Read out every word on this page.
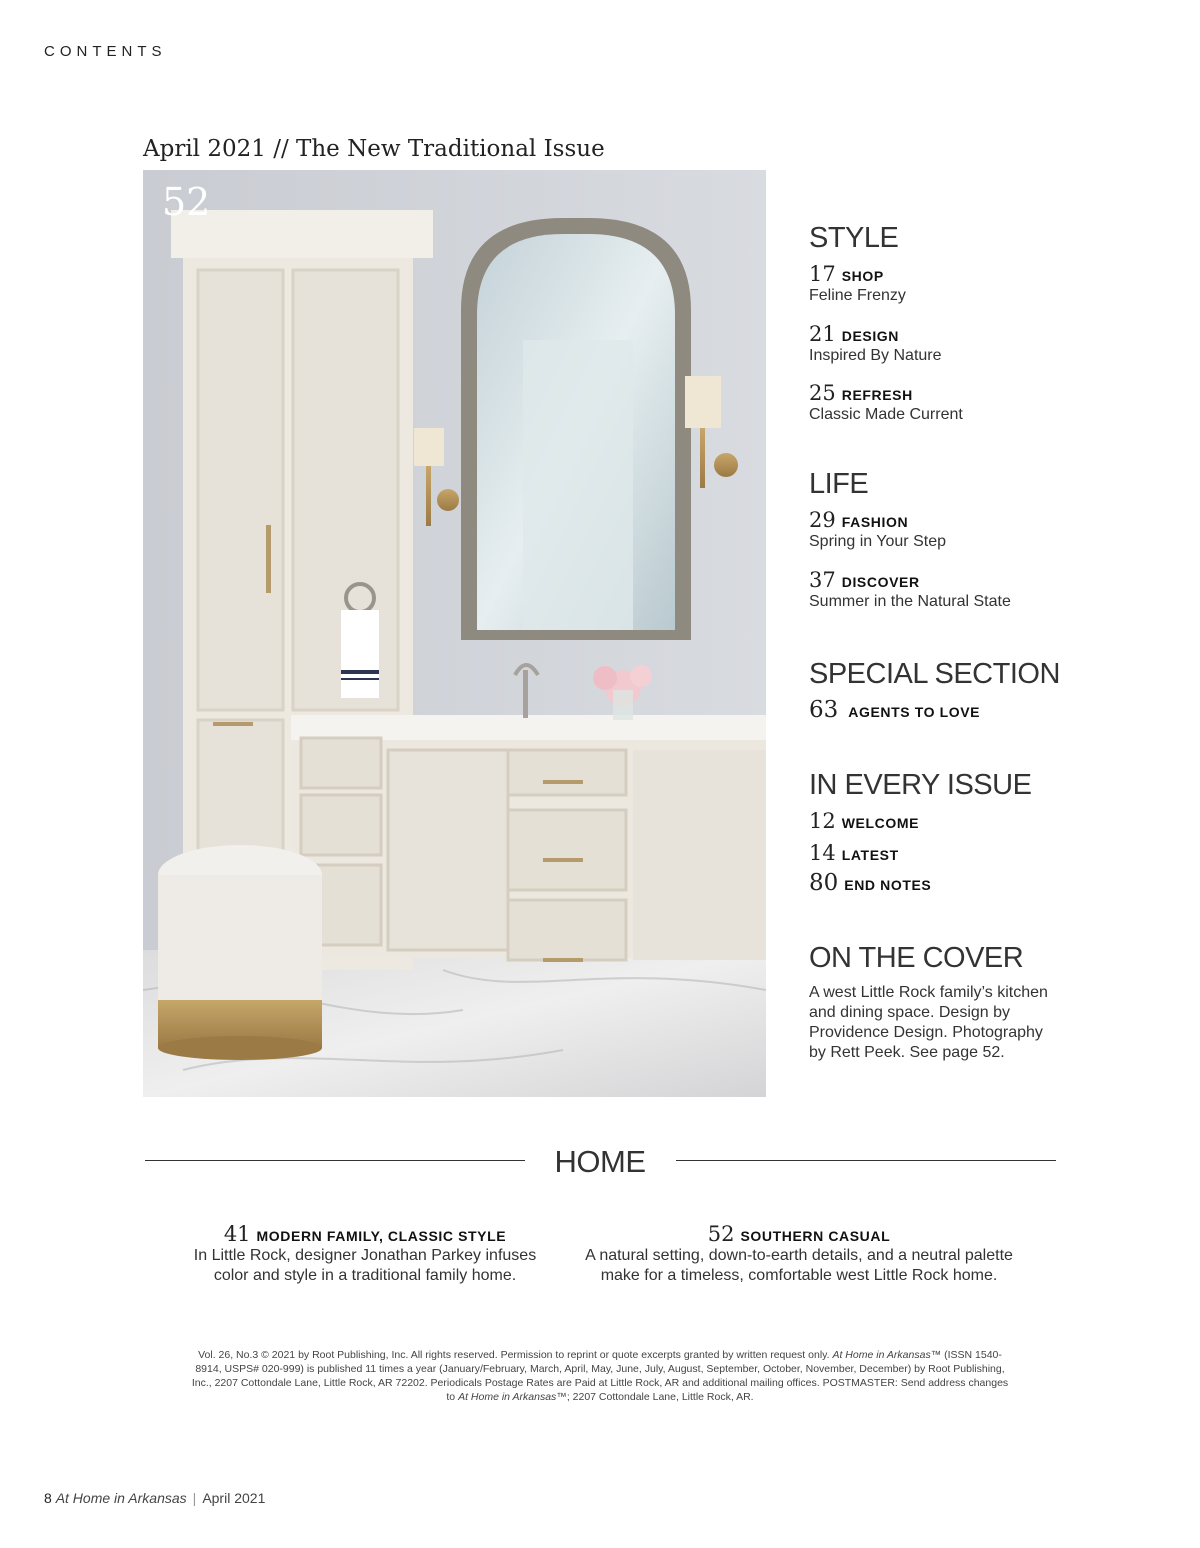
CONTENTS
April 2021 // The New Traditional Issue
52
STYLE
17 SHOP
Feline Frenzy
21 DESIGN
Inspired By Nature
25 REFRESH
Classic Made Current
LIFE
29 FASHION
Spring in Your Step
37 DISCOVER
Summer in the Natural State
SPECIAL SECTION
63 AGENTS TO LOVE
IN EVERY ISSUE
12 WELCOME
14 LATEST
80 END NOTES
ON THE COVER
A west Little Rock family’s kitchen and dining space. Design by Providence Design. Photography by Rett Peek. See page 52.
HOME
41 MODERN FAMILY, CLASSIC STYLE
In Little Rock, designer Jonathan Parkey infuses
color and style in a traditional family home.
52 SOUTHERN CASUAL
A natural setting, down-to-earth details, and a neutral palette
make for a timeless, comfortable west Little Rock home.
Vol. 26, No.3 © 2021 by Root Publishing, Inc. All rights reserved. Permission to reprint or quote excerpts granted by written request only. At Home in Arkansas™ (ISSN 1540-8914, USPS# 020-999) is published 11 times a year (January/February, March, April, May, June, July, August, September, October, November, December) by Root Publishing, Inc., 2207 Cottondale Lane, Little Rock, AR 72202. Periodicals Postage Rates are Paid at Little Rock, AR and additional mailing offices. POSTMASTER: Send address changes to At Home in Arkansas™; 2207 Cottondale Lane, Little Rock, AR.
8 At Home in Arkansas | April 2021
